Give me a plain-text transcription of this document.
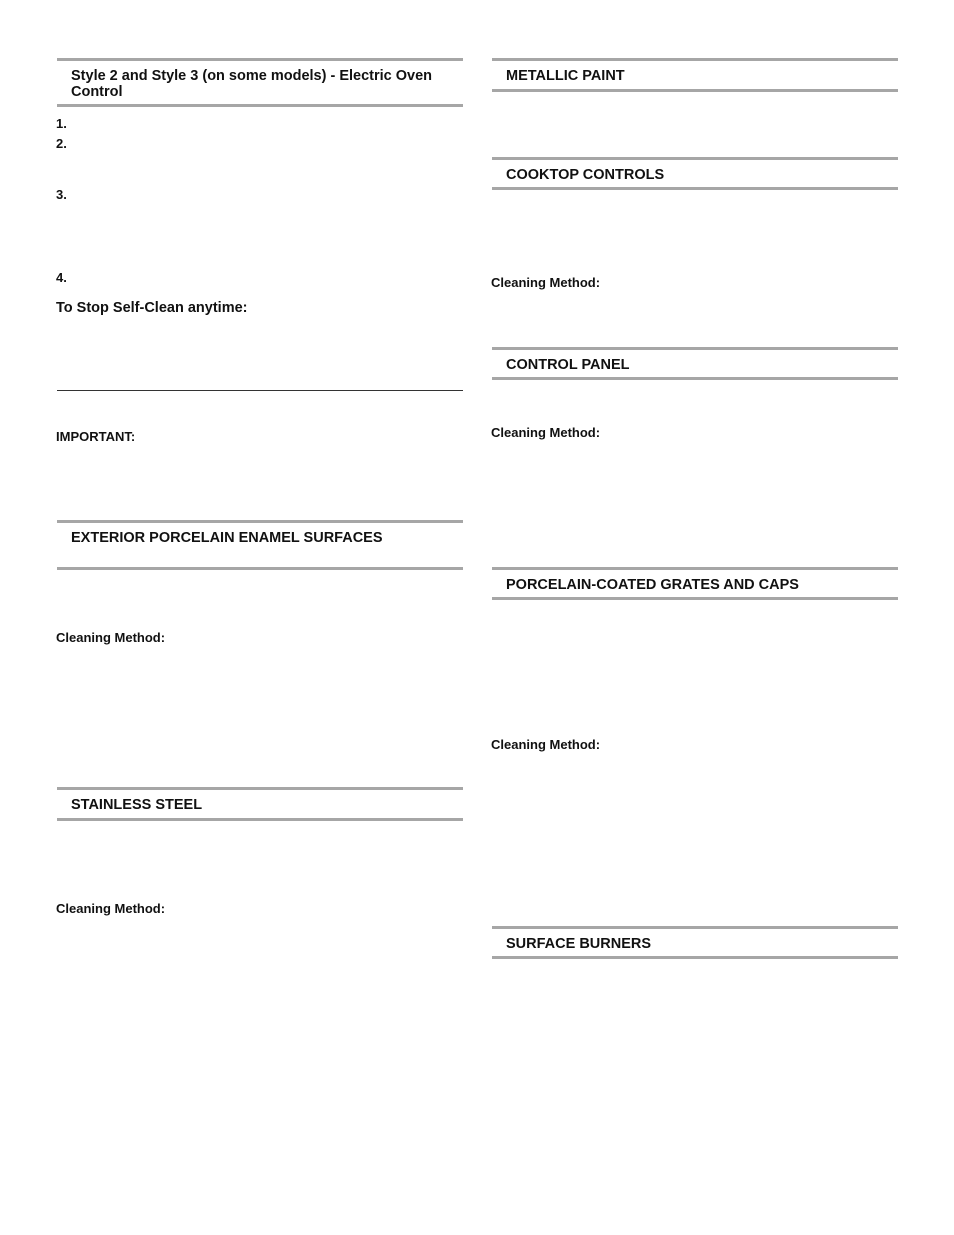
Style 2 and Style 3 (on some models) - Electric Oven Control
1.
2.
3.
4.
To Stop Self-Clean anytime:
IMPORTANT:
EXTERIOR PORCELAIN ENAMEL SURFACES
Cleaning Method:
STAINLESS STEEL
Cleaning Method:
METALLIC PAINT
COOKTOP CONTROLS
Cleaning Method:
CONTROL PANEL
Cleaning Method:
PORCELAIN-COATED GRATES AND CAPS
Cleaning Method:
SURFACE BURNERS
